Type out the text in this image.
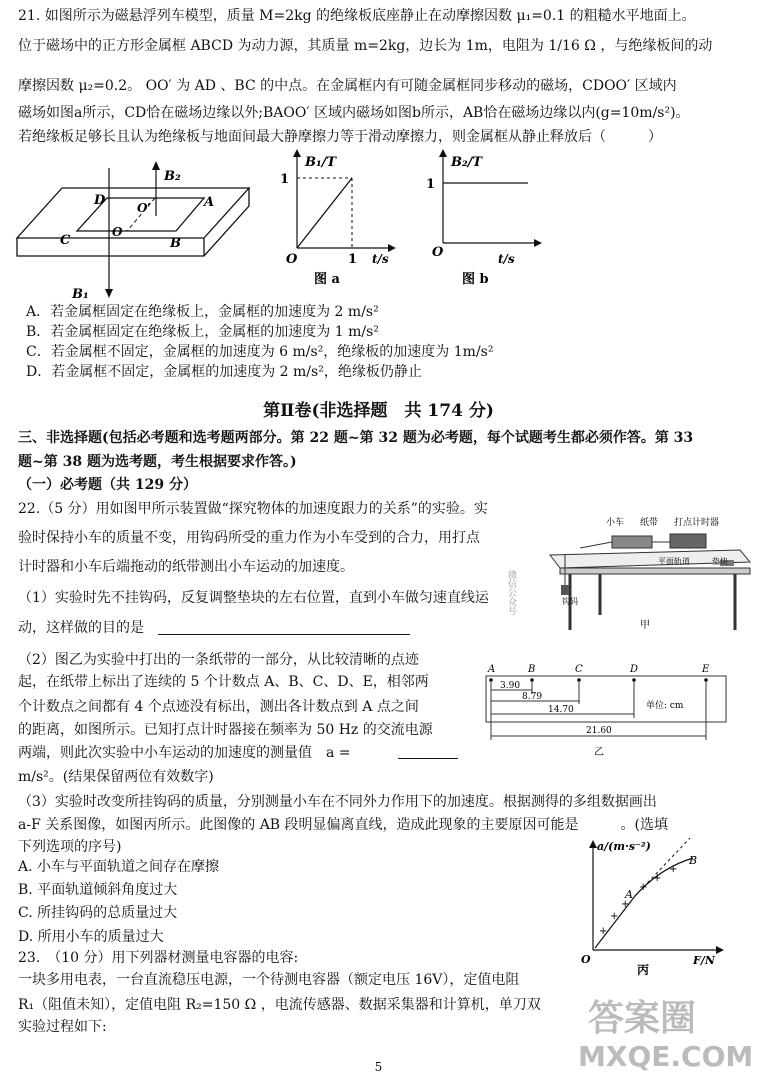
21. 如图所示为磁悬浮列车模型，质量 M=2kg 的绝缘板底座静止在动摩擦因数 μ₁=0.1 的粗糙水平地面上。
位于磁场中的正方形金属框 ABCD 为动力源，其质量 m=2kg，边长为 1m，电阻为 1/16 Ω ，与绝缘板间的动
摩擦因数 μ₂=0.2。 OO′ 为 AD 、BC 的中点。在金属框内有可随金属框同步移动的磁场，CDOO′ 区域内
磁场如图a所示，CD恰在磁场边缘以外;BAOO′ 区域内磁场如图b所示，AB恰在磁场边缘以内(g=10m/s²)。
若绝缘板足够长且认为绝缘板与地面间最大静摩擦力等于滑动摩擦力，则金属框从静止释放后（　　　）
B₂
B₁
D	A
C	B
O′
O
B₁/T
t/s
1
1
O
图 a
B₂/T
t/s
1
O
图 b
A．若金属框固定在绝缘板上，金属框的加速度为 2 m/s²
B．若金属框固定在绝缘板上，金属框的加速度为 1 m/s²
C．若金属框不固定，金属框的加速度为 6 m/s²，绝缘板的加速度为 1m/s²
D．若金属框不固定，金属框的加速度为 2 m/s²，绝缘板仍静止
第Ⅱ卷(非选择题　共 174 分)
三、非选择题(包括必考题和选考题两部分。第 22 题~第 32 题为必考题，每个试题考生都必须作答。第 33
题~第 38 题为选考题，考生根据要求作答。)
（一）必考题（共 129 分）
22.（5 分）用如图甲所示装置做“探究物体的加速度跟力的关系”的实验。实
验时保持小车的质量不变，用钩码所受的重力作为小车受到的合力，用打点
计时器和小车后端拖动的纸带测出小车运动的加速度。
（1）实验时先不挂钩码，反复调整垫块的左右位置，直到小车做匀速直线运
动，这样做的目的是
小车 纸带 打点计时器
平面轨道	垫块
钩码
甲
（2）图乙为实验中打出的一条纸带的一部分，从比较清晰的点迹
起，在纸带上标出了连续的 5 个计数点 A、B、C、D、E，相邻两
个计数点之间都有 4 个点迹没有标出，测出各计数点到 A 点之间
的距离，如图所示。已知打点计时器接在频率为 50 Hz 的交流电源
两端，则此次实验中小车运动的加速度的测量值　a =
m/s²。(结果保留两位有效数字)
A	B	C	D	E
3.90
8.79
14.70
21.60
单位: cm
乙
（3）实验时改变所挂钩码的质量，分别测量小车在不同外力作用下的加速度。根据测得的多组数据画出
a-F 关系图像，如图丙所示。此图像的 AB 段明显偏离直线，造成此现象的主要原因可能是　　　。(选填
下列选项的序号)
A. 小车与平面轨道之间存在摩擦
B. 平面轨道倾斜角度过大
C. 所挂钩码的总质量过大
D. 所用小车的质量过大	+
+
+
+
+
+
a/(m·s⁻²)
F/N
O
A
B
丙
23.　（10 分）用下列器材测量电容器的电容:
一块多用电表，一台直流稳压电源，一个待测电容器（额定电压 16V），定值电阻
R₁（阻值未知），定值电阻 R₂=150 Ω ，电流传感器、数据采集器和计算机，单刀双
实验过程如下:
微信公众号
答案圈
MXQE.COM
5
